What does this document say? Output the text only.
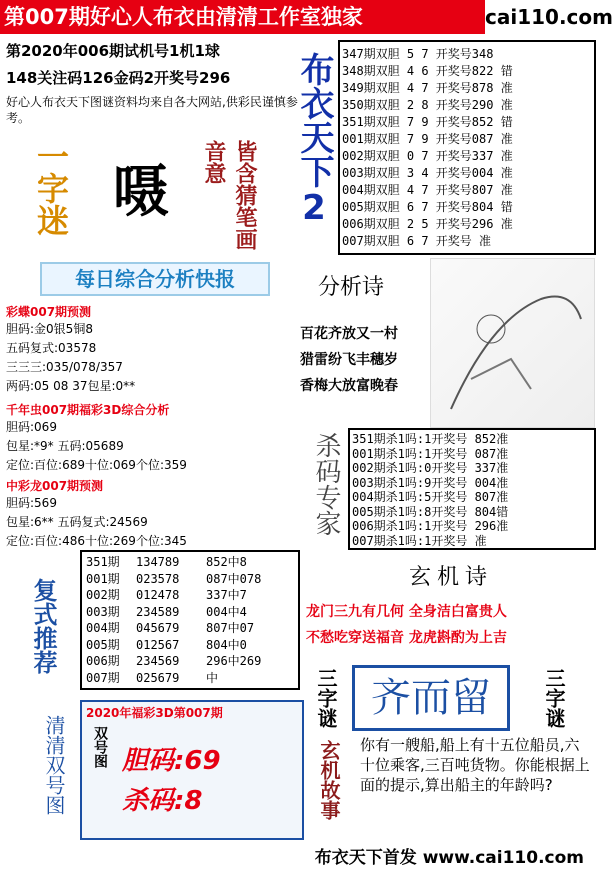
第007期好心人布衣由清清工作室独家	cai110.com
第2020年006期试机号1机1球
148关注码126金码2开奖号296
好心人布衣天下图谜资料均来自各大网站,供彩民谨慎参考。
一字迷 嗫	皆含猜笔画音意	布衣天下2 347期双胆 5 7 开奖号348
348期双胆 4 6 开奖号822 错
349期双胆 4 7 开奖号878 准
350期双胆 2 8 开奖号290 准
351期双胆 7 9 开奖号852 错
001期双胆 7 9 开奖号087 准
002期双胆 0 7 开奖号337 准
003期双胆 3 4 开奖号004 准
004期双胆 4 7 开奖号807 准
005期双胆 6 7 开奖号804 错
006期双胆 2 5 开奖号296 准
007期双胆 6 7 开奖号 准
每日综合分析快报	分析诗
百花齐放又一村
猎雷纷飞丰穗岁
香梅大放富晚春
彩蝶007期预测
胆码:金0银5铜8
五码复式:03578
三三三:035/078/357
两码:05 08 37包星:0**
千年虫007期福彩3D综合分析
胆码:069
包星:*9* 五码:05689
定位:百位:689十位:069个位:359
中彩龙007期预测
胆码:569
包星:6** 五码复式:24569
定位:百位:486十位:269个位:345
杀码专家 351期杀1吗:1开奖号 852准
001期杀1吗:1开奖号 087准
002期杀1吗:0开奖号 337准
003期杀1吗:9开奖号 004准
004期杀1吗:5开奖号 807准
005期杀1吗:8开奖号 804错
006期杀1吗:1开奖号 296准
007期杀1吗:1开奖号 准
复式推荐
351期 134789 852中8
001期 023578 087中078
002期 012478 337中7
003期 234589 004中4
004期 045679 807中07
005期 012567 804中0
006期 234569 296中269
007期 025679 中
玄机诗
龙门三九有几何 全身洁白富贵人
不愁吃穿送福音 龙虎斟酌为上吉
清清双号图
2020年福彩3D第007期
双号图 胆码:69
杀码:8
三字谜 齐而留	三字谜
玄机故事 你有一艘船,船上有十五位船员,六十位乘客,三百吨货物。你能根据上面的提示,算出船主的年龄吗?
布衣天下首发 www.cai110.com
